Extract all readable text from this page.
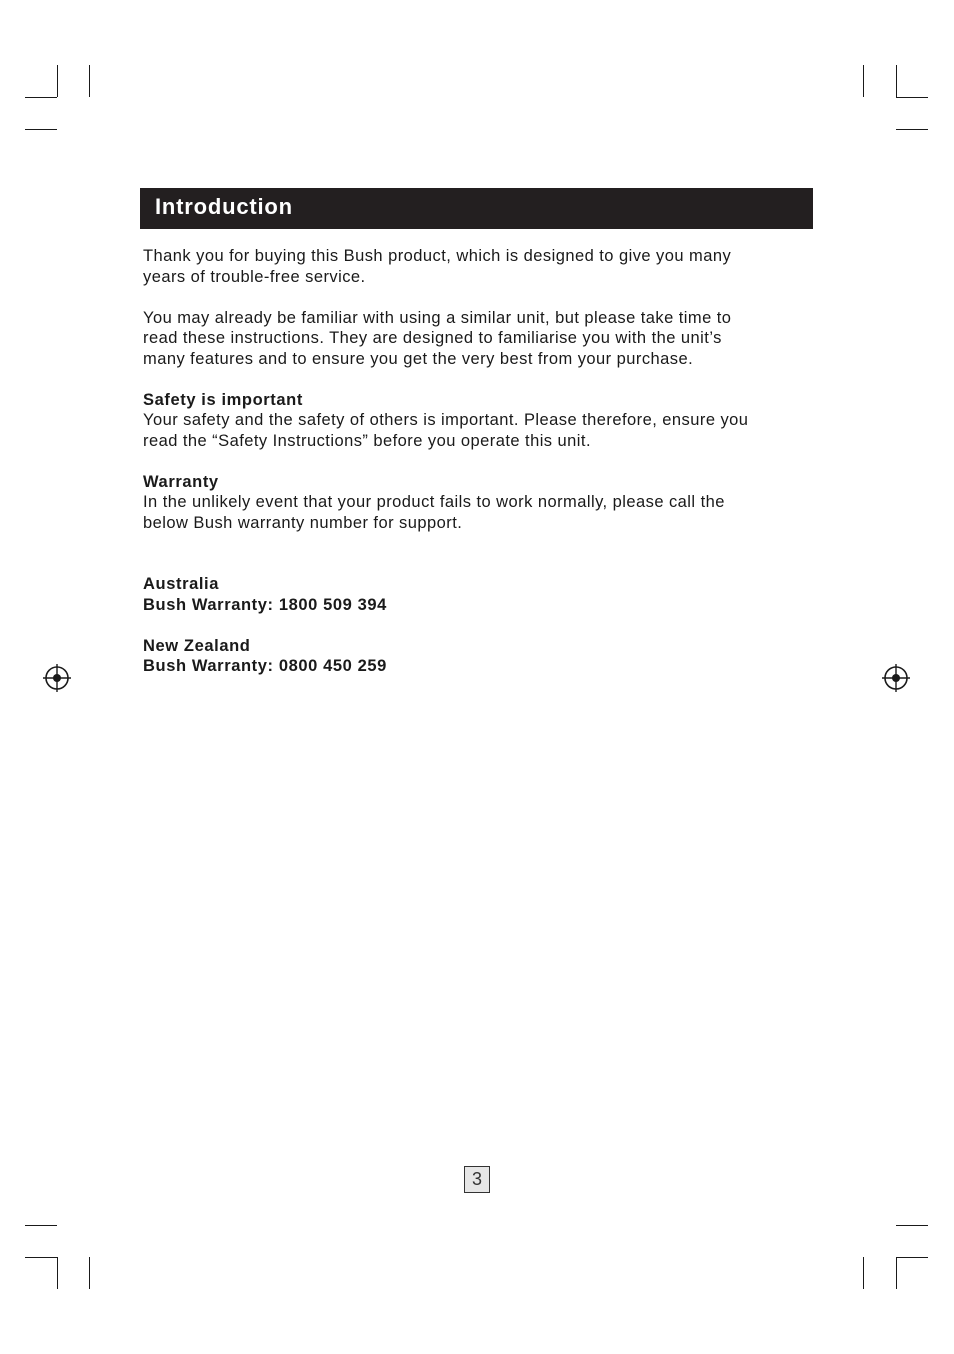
Introduction

Thank you for buying this Bush product, which is designed to give you many
years of trouble-free service.

You may already be familiar with using a similar unit, but please take time to
read these instructions. They are designed to familiarise you with the unit’s
many features and to ensure you get the very best from your purchase.

Safety is important

Your safety and the safety of others is important. Please therefore, ensure you
read the “Safety Instructions” before you operate this unit.

Warranty

In the unlikely event that your product fails to work normally, please call the
below Bush warranty number for support.

Australia

Bush Warranty: 1800 509 394

New Zealand

Bush Warranty: 0800 450 259

3
